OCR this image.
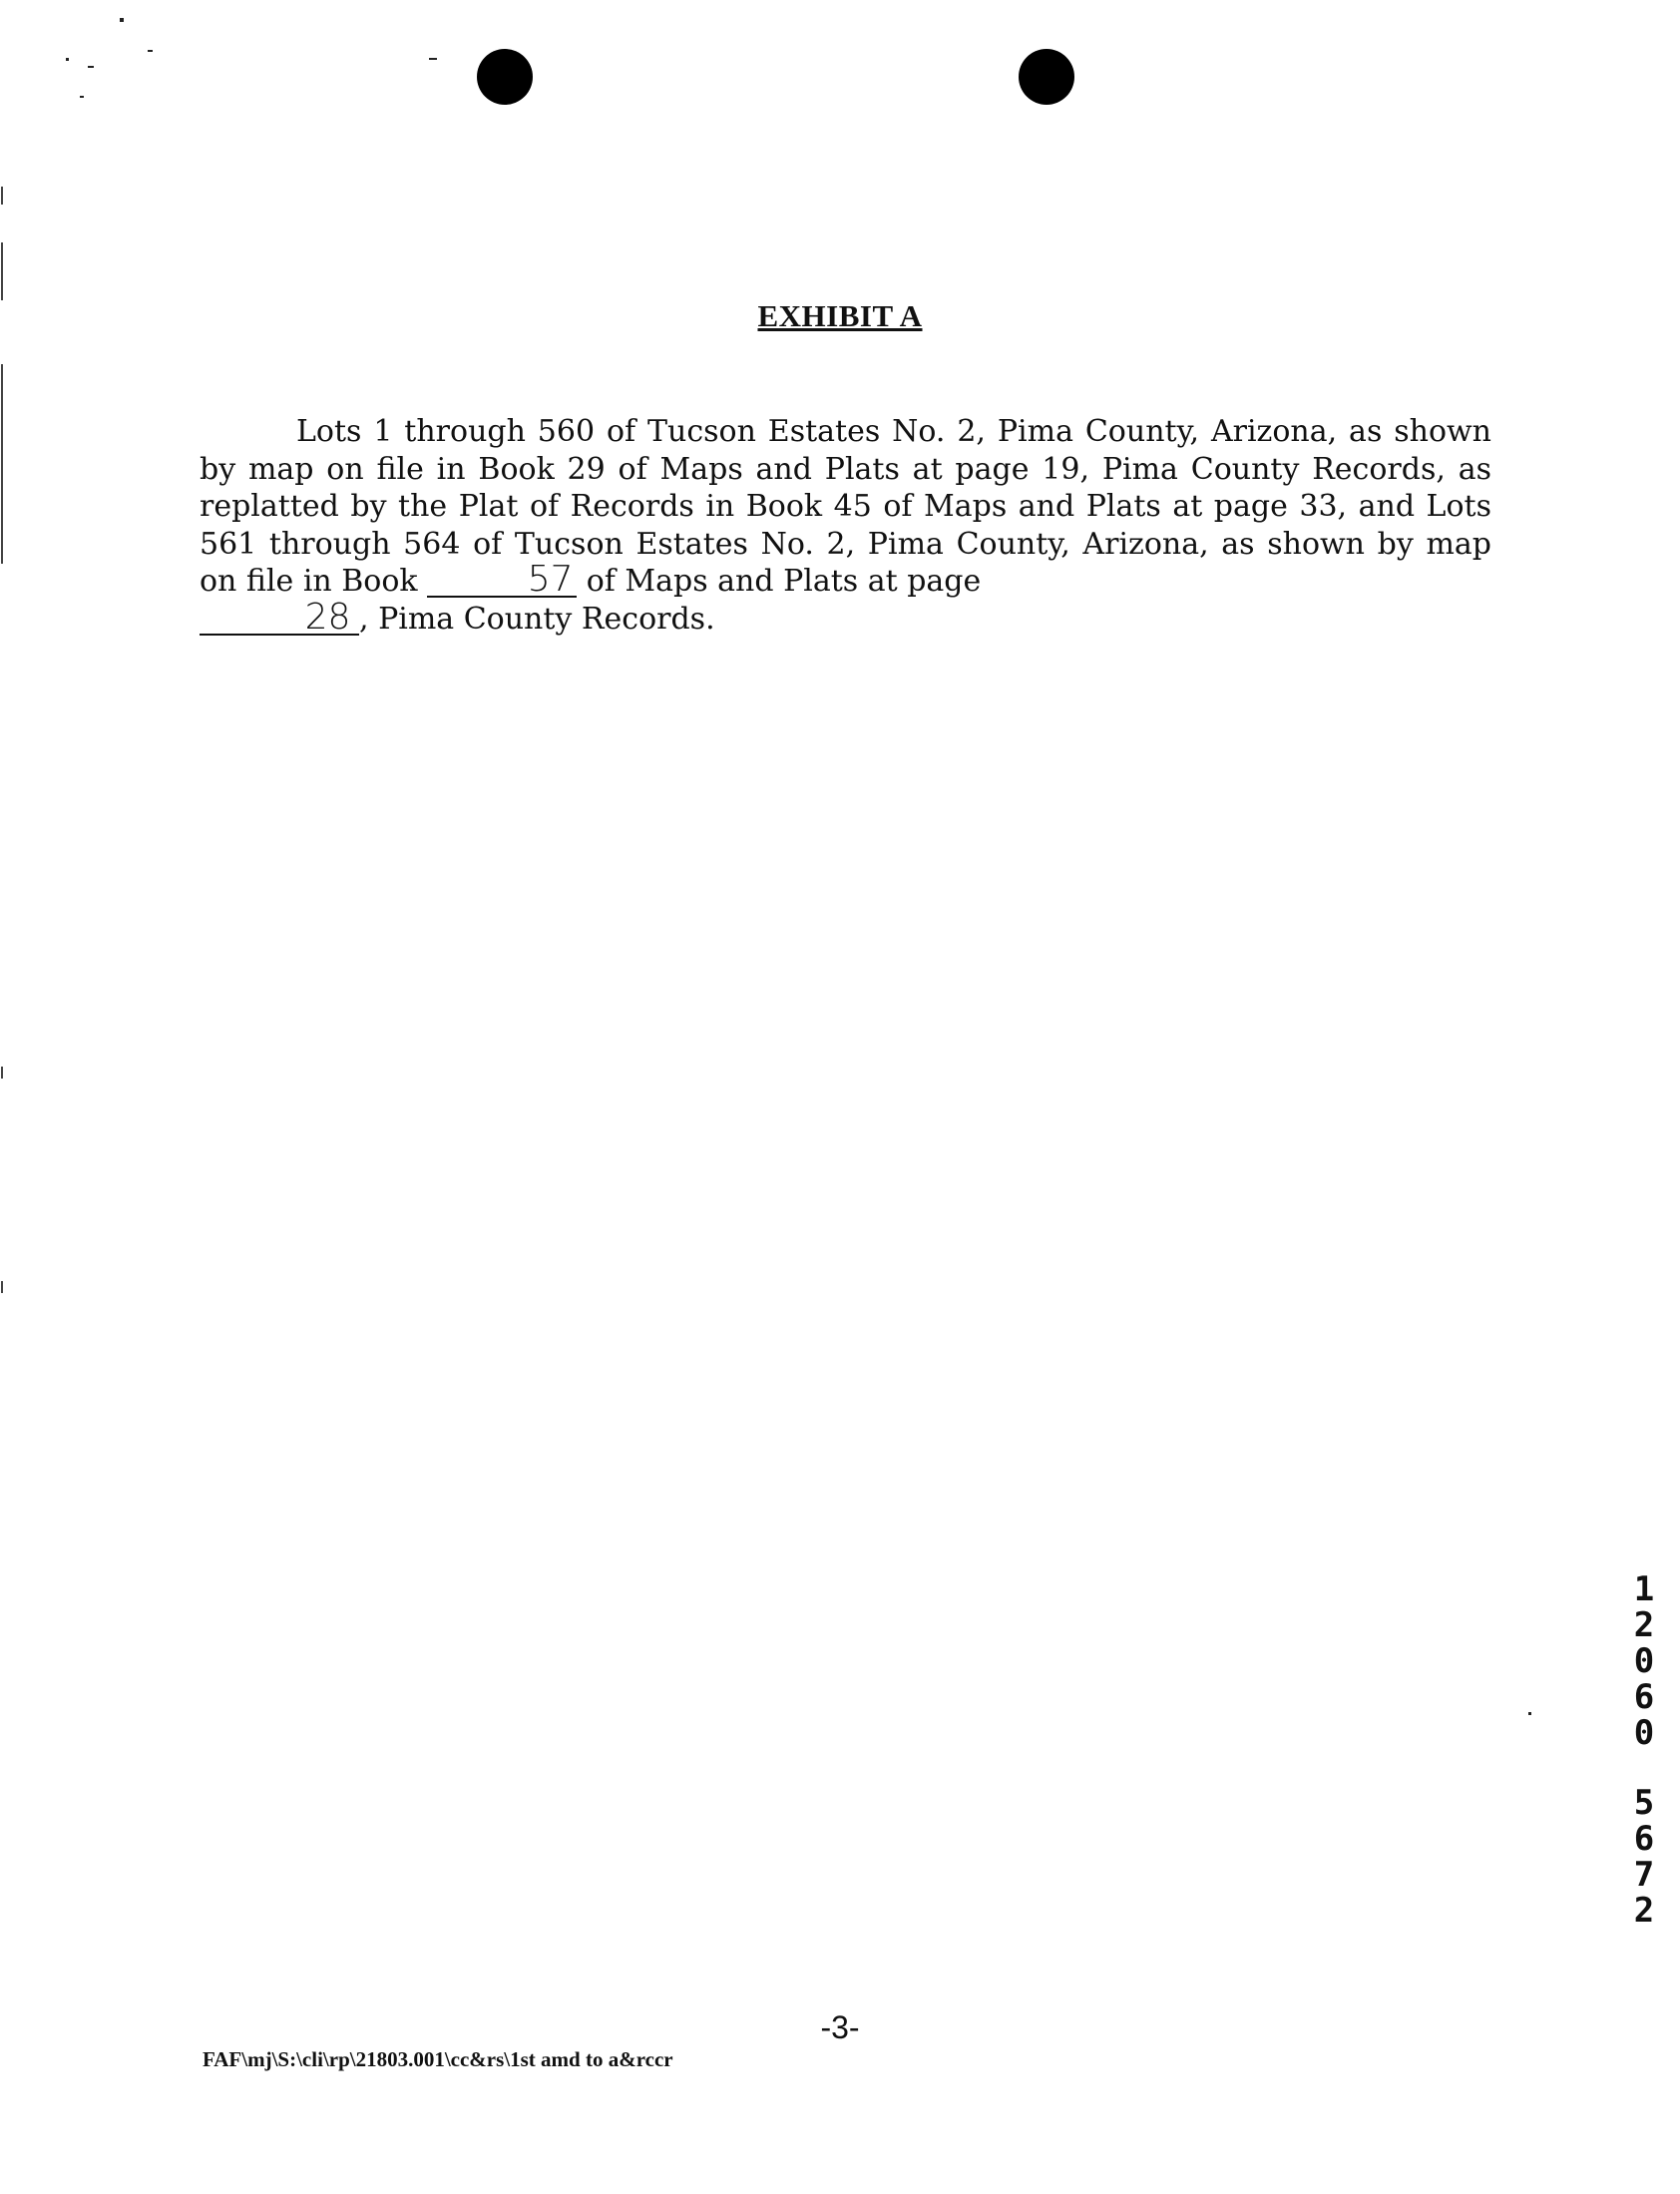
EXHIBIT A

Lots 1 through 560 of Tucson Estates No. 2, Pima County, Arizona, as shown by map on file in Book 29 of Maps and Plats at page 19, Pima County Records, as replatted by the Plat of Records in Book 45 of Maps and Plats at page 33, and Lots 561 through 564 of Tucson Estates No. 2, Pima County, Arizona, as shown by map on file in Book	57 of Maps and Plats at page
28 , Pima County Records.

1
2
0
6
0
5
6
7
2
-3-
FAF\mj\S:\cli\rp\21803.001\cc&rs\1st amd to a&rccr
